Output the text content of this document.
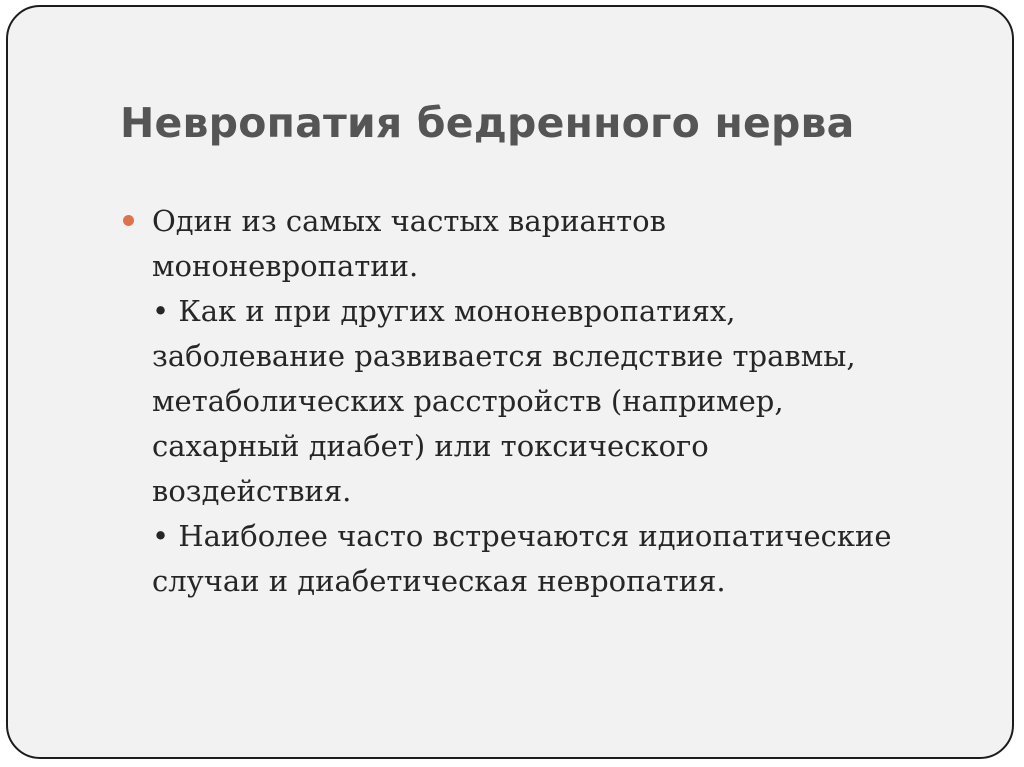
Невропатия бедренного нерва
Один из самых частых вариантов
мононевропатии.
• Как и при других мононевропатиях,
заболевание развивается вследствие травмы,
метаболических расстройств (например,
сахарный диабет) или токсического
воздействия.
• Наиболее часто встречаются идиопатические
случаи и диабетическая невропатия.
